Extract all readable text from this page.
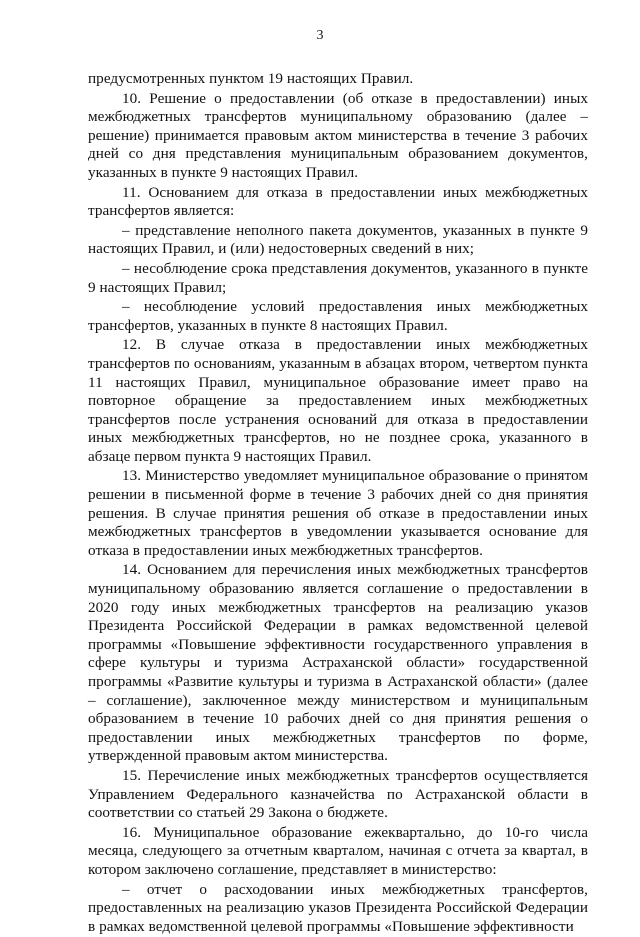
3

предусмотренных пунктом 19 настоящих Правил.

10. Решение о предоставлении (об отказе в предоставлении) иных межбюджетных трансфертов муниципальному образованию (далее – решение) принимается правовым актом министерства в течение 3 рабочих дней со дня представления муниципальным образованием документов, указанных в пункте 9 настоящих Правил.

11. Основанием для отказа в предоставлении иных межбюджетных трансфертов является:

– представление неполного пакета документов, указанных в пункте 9 настоящих Правил, и (или) недостоверных сведений в них;

– несоблюдение срока представления документов, указанного в пункте 9 настоящих Правил;

– несоблюдение условий предоставления иных межбюджетных трансфертов, указанных в пункте 8 настоящих Правил.

12. В случае отказа в предоставлении иных межбюджетных трансфертов по основаниям, указанным в абзацах втором, четвертом пункта 11 настоящих Правил, муниципальное образование имеет право на повторное обращение за предоставлением иных межбюджетных трансфертов после устранения оснований для отказа в предоставлении иных межбюджетных трансфертов, но не позднее срока, указанного в абзаце первом пункта 9 настоящих Правил.

13. Министерство уведомляет муниципальное образование о принятом решении в письменной форме в течение 3 рабочих дней со дня принятия решения. В случае принятия решения об отказе в предоставлении иных межбюджетных трансфертов в уведомлении указывается основание для отказа в предоставлении иных межбюджетных трансфертов.

14. Основанием для перечисления иных межбюджетных трансфертов муниципальному образованию является соглашение о предоставлении в 2020 году иных межбюджетных трансфертов на реализацию указов Президента Российской Федерации в рамках ведомственной целевой программы «Повышение эффективности государственного управления в сфере культуры и туризма Астраханской области» государственной программы «Развитие культуры и туризма в Астраханской области» (далее – соглашение), заключенное между министерством и муниципальным образованием в течение 10 рабочих дней со дня принятия решения о предоставлении иных межбюджетных трансфертов по форме, утвержденной правовым актом министерства.

15. Перечисление иных межбюджетных трансфертов осуществляется Управлением Федерального казначейства по Астраханской области в соответствии со статьей 29 Закона о бюджете.

16. Муниципальное образование ежеквартально, до 10-го числа месяца, следующего за отчетным кварталом, начиная с отчета за квартал, в котором заключено соглашение, представляет в министерство:

– отчет о расходовании иных межбюджетных трансфертов, предоставленных на реализацию указов Президента Российской Федерации в рамках ведомственной целевой программы «Повышение эффективности
